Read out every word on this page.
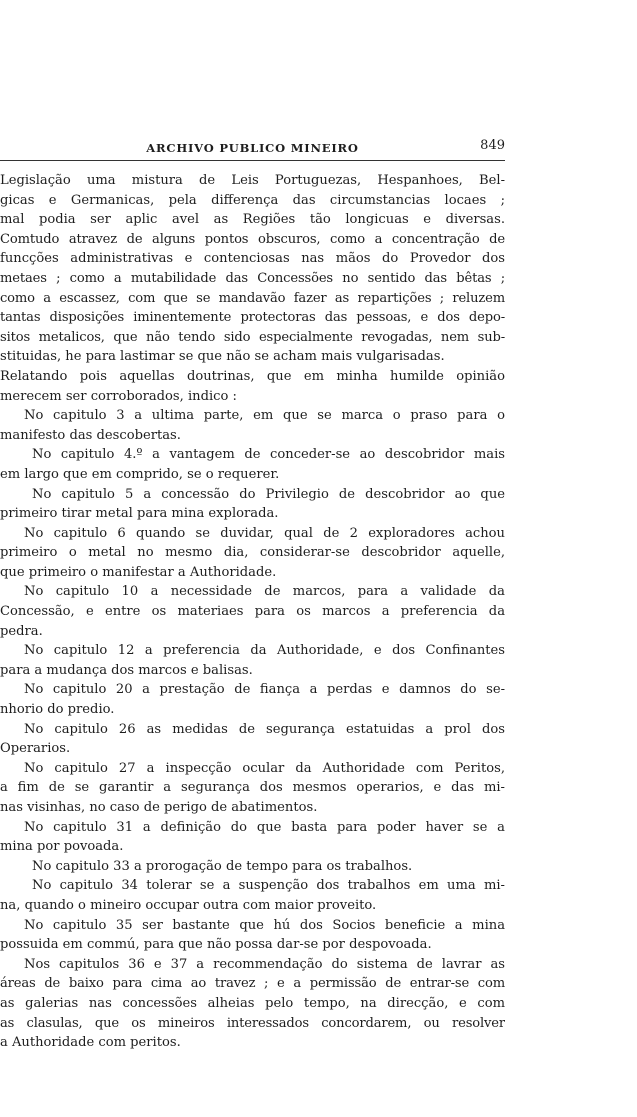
ARCHIVO PUBLICO MINEIRO	849
Legislação uma mistura de Leis Portuguezas, Hespanhoes, Bel-
gicas e Germanicas, pela differença das circumstancias locaes ;
mal podia ser aplic avel as Regiões tão longicuas e diversas.
Comtudo atravez de alguns pontos obscuros, como a concentração de
funcções administrativas e contenciosas nas mãos do Provedor dos
metaes ; como a mutabilidade das Concessões no sentido das bêtas ;
como a escassez, com que se mandavão fazer as repartições ; reluzem
tantas disposições iminentemente protectoras das pessoas, e dos depo-
sitos metalicos, que não tendo sido especialmente revogadas, nem sub-
stituidas, he para lastimar se que não se acham mais vulgarisadas.
Relatando pois aquellas doutrinas, que em minha humilde opinião
merecem ser corroborados, indico :
No capitulo 3 a ultima parte, em que se marca o praso para o
manifesto das descobertas.
No capitulo 4.º a vantagem de conceder-se ao descobridor mais
em largo que em comprido, se o requerer.
No capitulo 5 a concessão do Privilegio de descobridor ao que
primeiro tirar metal para mina explorada.
No capitulo 6 quando se duvidar, qual de 2 exploradores achou
primeiro o metal no mesmo dia, considerar-se descobridor aquelle,
que primeiro o manifestar a Authoridade.
No capitulo 10 a necessidade de marcos, para a validade da
Concessão, e entre os materiaes para os marcos a preferencia da
pedra.
No capitulo 12 a preferencia da Authoridade, e dos Confinantes
para a mudança dos marcos e balisas.
No capitulo 20 a prestação de fiança a perdas e damnos do se-
nhorio do predio.
No capitulo 26 as medidas de segurança estatuidas a prol dos
Operarios.
No capitulo 27 a inspecção ocular da Authoridade com Peritos,
a fim de se garantir a segurança dos mesmos operarios, e das mi-
nas visinhas, no caso de perigo de abatimentos.
No capitulo 31 a definição do que basta para poder haver se a
mina por povoada.
No capitulo 33 a prorogação de tempo para os trabalhos.
No capitulo 34 tolerar se a suspenção dos trabalhos em uma mi-
na, quando o mineiro occupar outra com maior proveito.
No capitulo 35 ser bastante que hú dos Socios beneficie a mina
possuida em commú, para que não possa dar-se por despovoada.
Nos capitulos 36 e 37 a recommendação do sistema de lavrar as
áreas de baixo para cima ao travez ; e a permissão de entrar-se com
as galerias nas concessões alheias pelo tempo, na direcção, e com
as clasulas, que os mineiros interessados concordarem, ou resolver
a Authoridade com peritos.
